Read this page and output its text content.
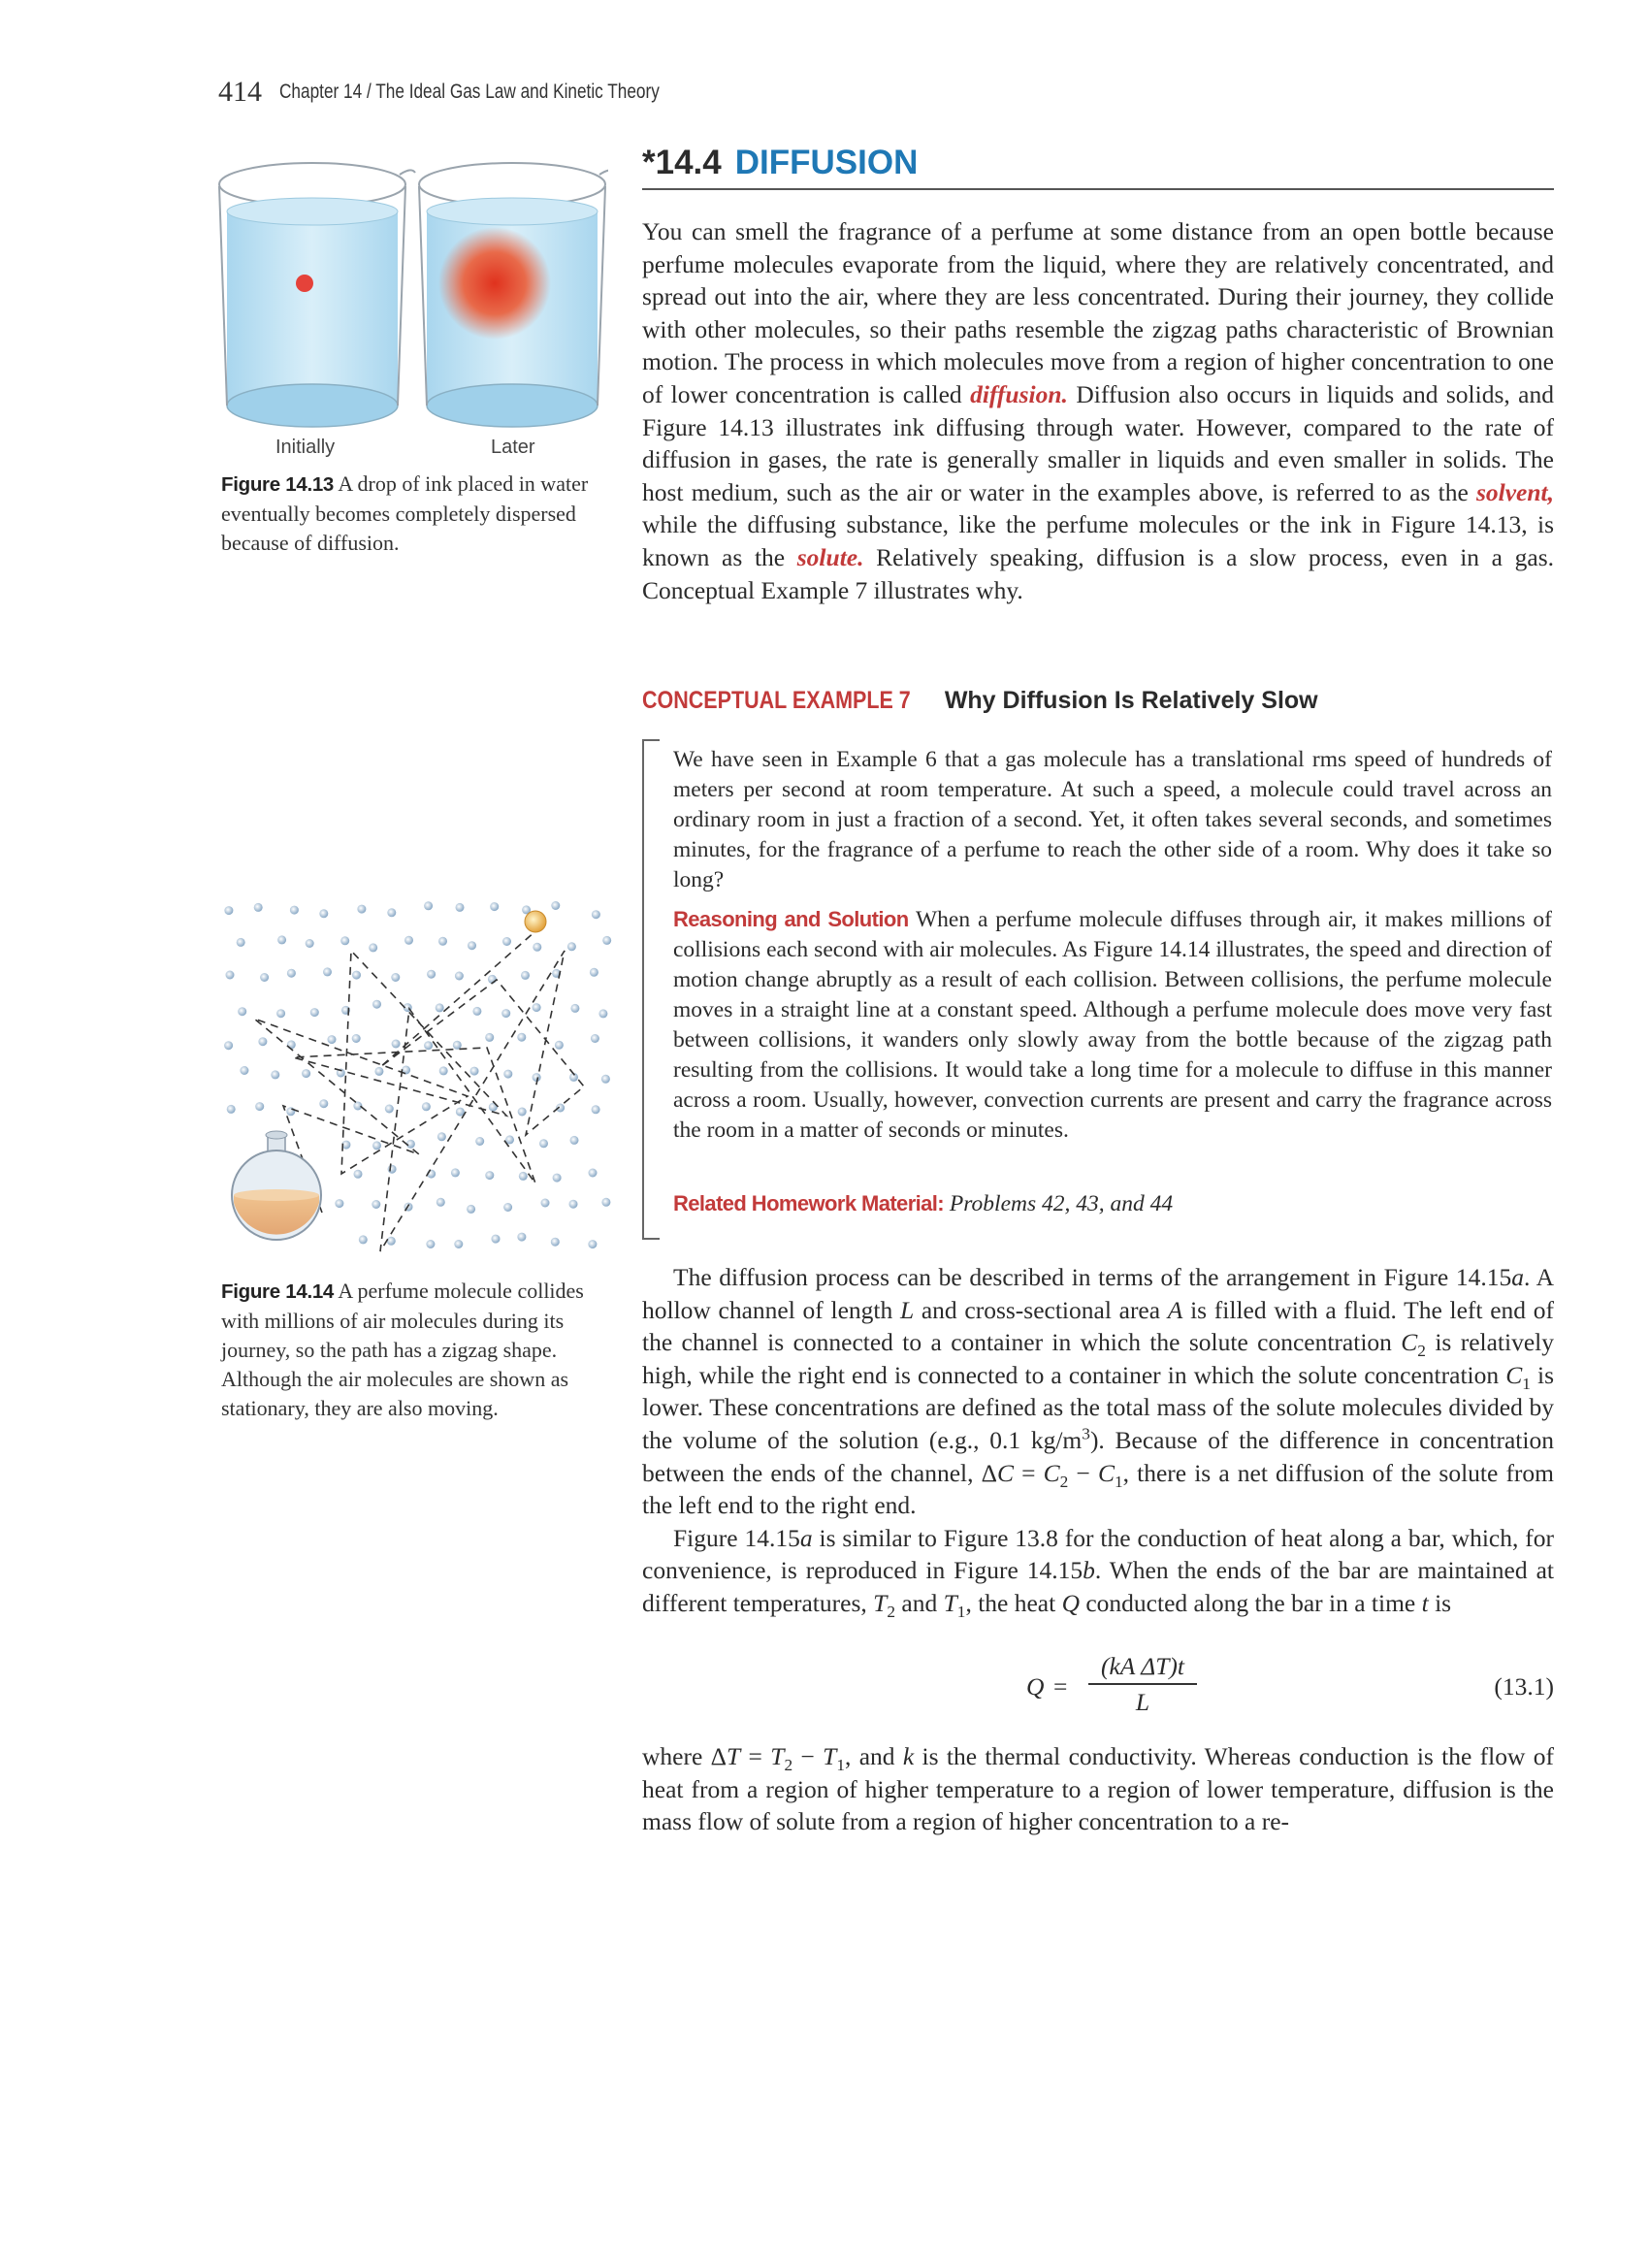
414 Chapter 14 / The Ideal Gas Law and Kinetic Theory
*14.4 DIFFUSION
Initially	Later
Figure 14.13 A drop of ink placed in water eventually becomes completely dispersed because of diffusion.

You can smell the fragrance of a perfume at some distance from an open bottle because perfume molecules evaporate from the liquid, where they are relatively concentrated, and spread out into the air, where they are less concentrated. During their journey, they collide with other molecules, so their paths resemble the zigzag paths characteristic of Brownian motion. The process in which molecules move from a region of higher concentration to one of lower concentration is called diffusion. Diffusion also occurs in liquids and solids, and Figure 14.13 illustrates ink diffusing through water. However, compared to the rate of diffusion in gases, the rate is generally smaller in liquids and even smaller in solids. The host medium, such as the air or water in the examples above, is referred to as the solvent, while the diffusing substance, like the perfume molecules or the ink in Figure 14.13, is known as the solute. Relatively speaking, diffusion is a slow process, even in a gas. Conceptual Example 7 illustrates why.

CONCEPTUAL EXAMPLE 7 Why Diffusion Is Relatively Slow

We have seen in Example 6 that a gas molecule has a translational rms speed of hundreds of meters per second at room temperature. At such a speed, a molecule could travel across an ordinary room in just a fraction of a second. Yet, it often takes several seconds, and sometimes minutes, for the fragrance of a perfume to reach the other side of a room. Why does it take so long?

Reasoning and Solution When a perfume molecule diffuses through air, it makes millions of collisions each second with air molecules. As Figure 14.14 illustrates, the speed and direction of motion change abruptly as a result of each collision. Between collisions, the perfume molecule moves in a straight line at a constant speed. Although a perfume molecule does move very fast between collisions, it wanders only slowly away from the bottle because of the zigzag path resulting from the collisions. It would take a long time for a molecule to diffuse in this manner across a room. Usually, however, convection currents are present and carry the fragrance across the room in a matter of seconds or minutes.

Related Homework Material: Problems 42, 43, and 44
Figure 14.14 A perfume molecule collides with millions of air molecules during its journey, so the path has a zigzag shape. Although the air molecules are shown as stationary, they are also moving.

The diffusion process can be described in terms of the arrangement in Figure 14.15a. A hollow channel of length L and cross-sectional area A is filled with a fluid. The left end of the channel is connected to a container in which the solute concentration $C_2$ is relatively high, while the right end is connected to a container in which the solute concentration $C_1$ is lower. These concentrations are defined as the total mass of the solute molecules divided by the volume of the solution (e.g., 0.1 $kg/m^3$). Because of the difference in concentration between the ends of the channel, $\Delta C = C_2 - C_1$, there is a net diffusion of the solute from the left end to the right end.

Figure 14.15a is similar to Figure 13.8 for the conduction of heat along a bar, which, for convenience, is reproduced in Figure 14.15b. When the ends of the bar are maintained at different temperatures, $T_2$ and $T_1$, the heat Q conducted along the bar in a time t is

Q =
(kA ΔT)t
L
(13.1)

where $\Delta T = T_2 - T_1$, and k is the thermal conductivity. Whereas conduction is the flow of heat from a region of higher temperature to a region of lower temperature, diffusion is the mass flow of solute from a region of higher concentration to a re-
